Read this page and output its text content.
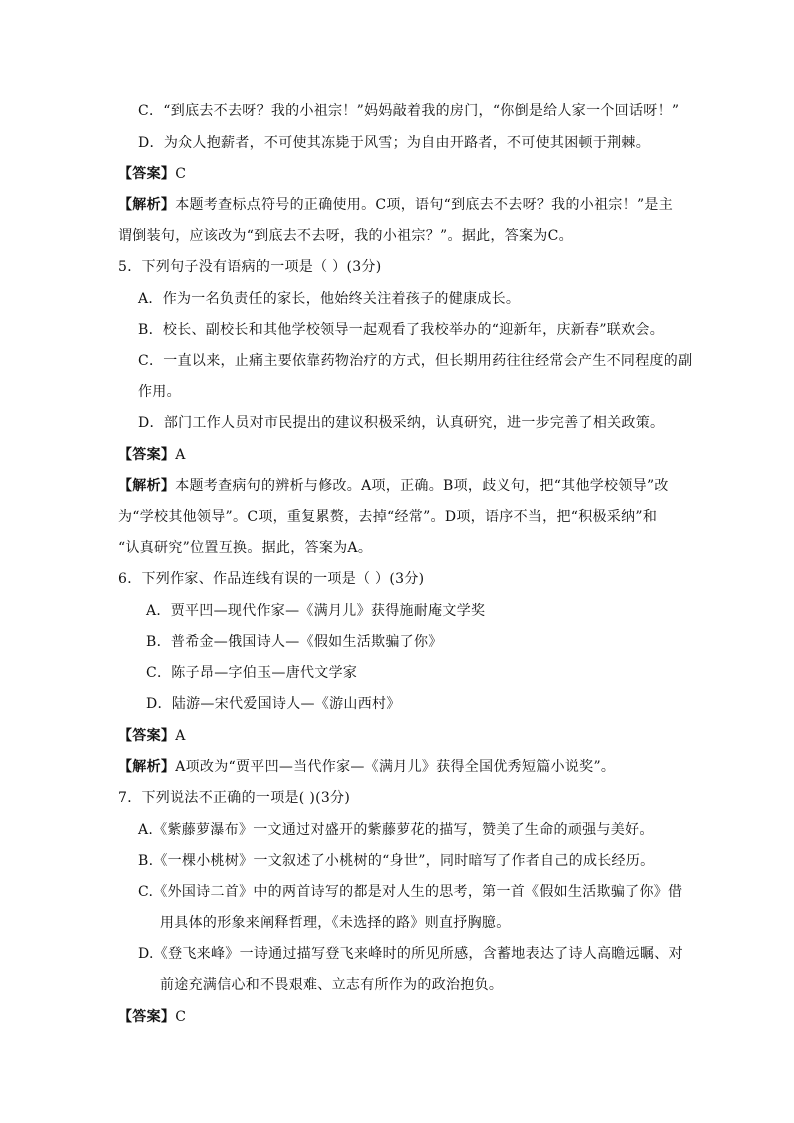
C．“到底去不去呀？我的小祖宗！”妈妈敲着我的房门，“你倒是给人家一个回话呀！”
D．为众人抱薪者，不可使其冻毙于风雪；为自由开路者，不可使其困顿于荆棘。
【答案】C
【解析】本题考查标点符号的正确使用。C项，语句“到底去不去呀？我的小祖宗！”是主
谓倒装句，应该改为“到底去不去呀，我的小祖宗？”。据此，答案为C。
5．下列句子没有语病的一项是（ ）(3分)
A．作为一名负责任的家长，他始终关注着孩子的健康成长。
B．校长、副校长和其他学校领导一起观看了我校举办的“迎新年，庆新春”联欢会。
C．一直以来，止痛主要依靠药物治疗的方式，但长期用药往往经常会产生不同程度的副
作用。
D．部门工作人员对市民提出的建议积极采纳，认真研究，进一步完善了相关政策。
【答案】A
【解析】本题考查病句的辨析与修改。A项，正确。B项，歧义句，把“其他学校领导”改
为“学校其他领导”。C项，重复累赘，去掉“经常”。D项，语序不当，把“积极采纳”和
“认真研究”位置互换。据此，答案为A。
6．下列作家、作品连线有误的一项是（ ）(3分)
A．贾平凹—现代作家—《满月儿》获得施耐庵文学奖
B．普希金—俄国诗人—《假如生活欺骗了你》
C．陈子昂—字伯玉—唐代文学家
D．陆游—宋代爱国诗人—《游山西村》
【答案】A
【解析】A项改为“贾平凹—当代作家—《满月儿》获得全国优秀短篇小说奖”。
7．下列说法不正确的一项是( )(3分)
A.《紫藤萝瀑布》一文通过对盛开的紫藤萝花的描写，赞美了生命的顽强与美好。
B.《一棵小桃树》一文叙述了小桃树的“身世”，同时暗写了作者自己的成长经历。
C.《外国诗二首》中的两首诗写的都是对人生的思考，第一首《假如生活欺骗了你》借
用具体的形象来阐释哲理，《未选择的路》则直抒胸臆。
D.《登飞来峰》一诗通过描写登飞来峰时的所见所感，含蓄地表达了诗人高瞻远瞩、对
前途充满信心和不畏艰难、立志有所作为的政治抱负。
【答案】C
